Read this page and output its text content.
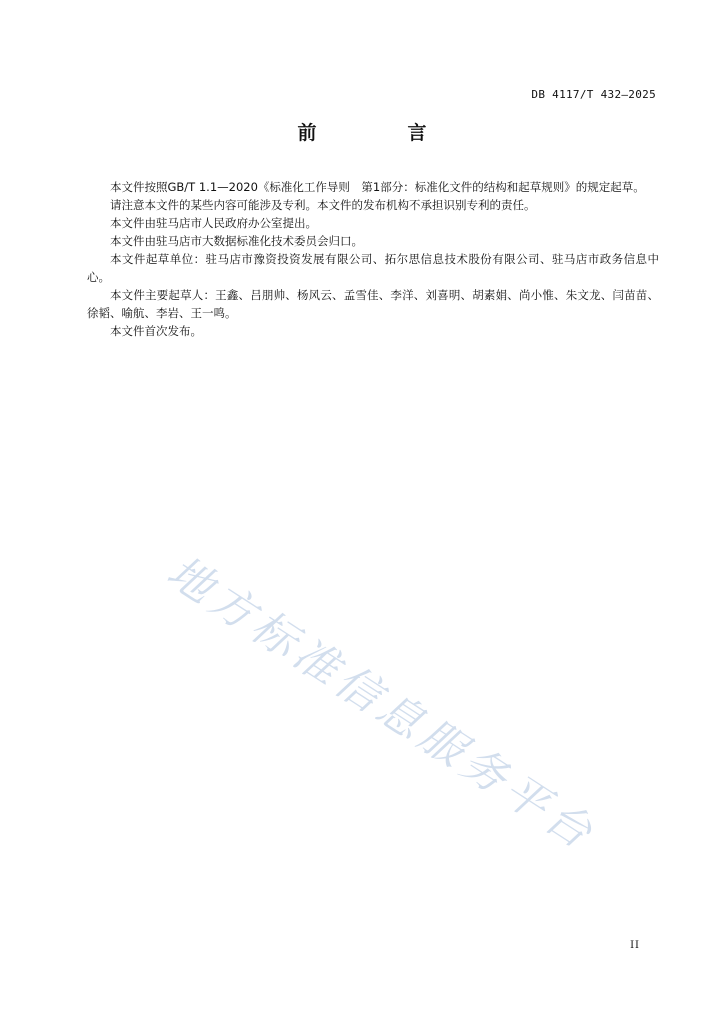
DB 4117/T 432—2025
前　言

本文件按照GB/T 1.1—2020《标准化工作导则　第1部分：标准化文件的结构和起草规则》的规定起草。

请注意本文件的某些内容可能涉及专利。本文件的发布机构不承担识别专利的责任。

本文件由驻马店市人民政府办公室提出。

本文件由驻马店市大数据标准化技术委员会归口。

本文件起草单位：驻马店市豫资投资发展有限公司、拓尔思信息技术股份有限公司、驻马店市政务信息中心。

本文件主要起草人：王鑫、吕朋帅、杨风云、孟雪佳、李洋、刘喜明、胡素娟、尚小惟、朱文龙、闫苗苗、徐韬、喻航、李岩、王一鸣。

本文件首次发布。

地方标准信息服务平台
II
